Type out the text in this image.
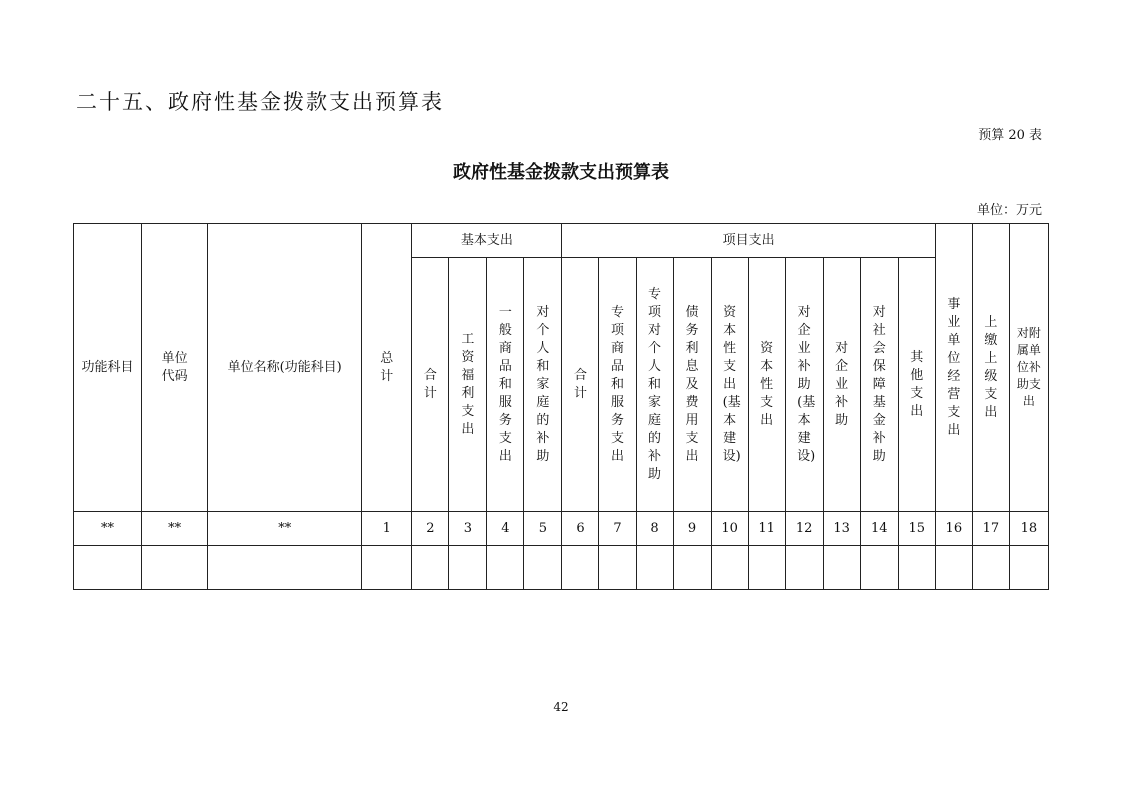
二十五、政府性基金拨款支出预算表
预算 20 表
政府性基金拨款支出预算表
单位：万元
功能科目	单位代码	单位名称(功能科目)	总计	基本支出				项目支出										事业单位经营支出	上缴上级支出	对附属单位补助支出
				合计	工资福利支出	一般商品和服务支出	对个人和家庭的补助	合计	专项商品和服务支出	专项对个人和家庭的补助	债务利息及费用支出	资本性支出(基本建设)	资本性支出	对企业补助(基本建设)	对企业补助	对社会保障基金补助	其他支出			
**	**	**	1	2	3	4	5	6	7	8	9	10	11	12	13	14	15	16	17	18

42
